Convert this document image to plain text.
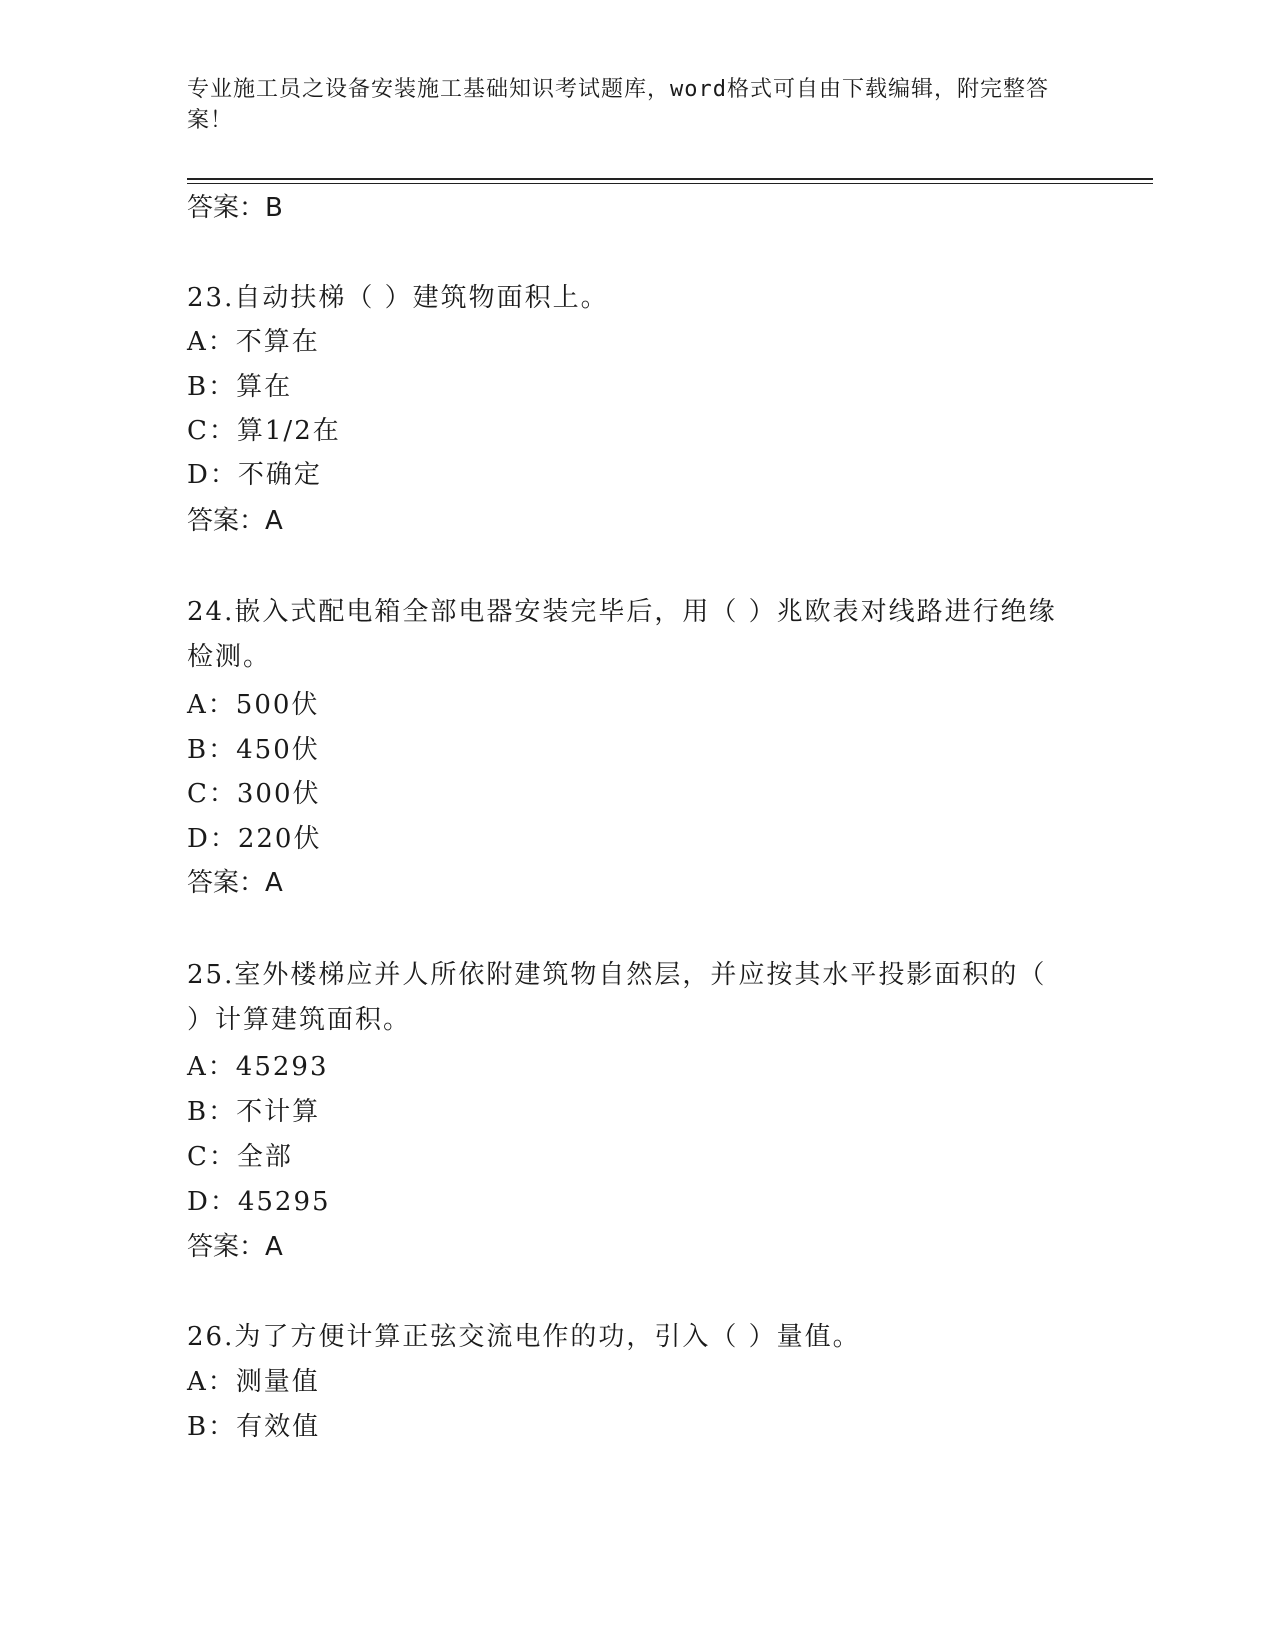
专业施工员之设备安装施工基础知识考试题库，word格式可自由下载编辑，附完整答案！
答案：B
23.自动扶梯（ ）建筑物面积上。
A：不算在
B：算在
C：算1/2在
D：不确定
答案：A
24.嵌入式配电箱全部电器安装完毕后，用（ ）兆欧表对线路进行绝缘检测。
A：500伏
B：450伏
C：300伏
D：220伏
答案：A
25.室外楼梯应并人所依附建筑物自然层，并应按其水平投影面积的（ ）计算建筑面积。
A：45293
B：不计算
C：全部
D：45295
答案：A
26.为了方便计算正弦交流电作的功，引入（ ）量值。
A：测量值
B：有效值
